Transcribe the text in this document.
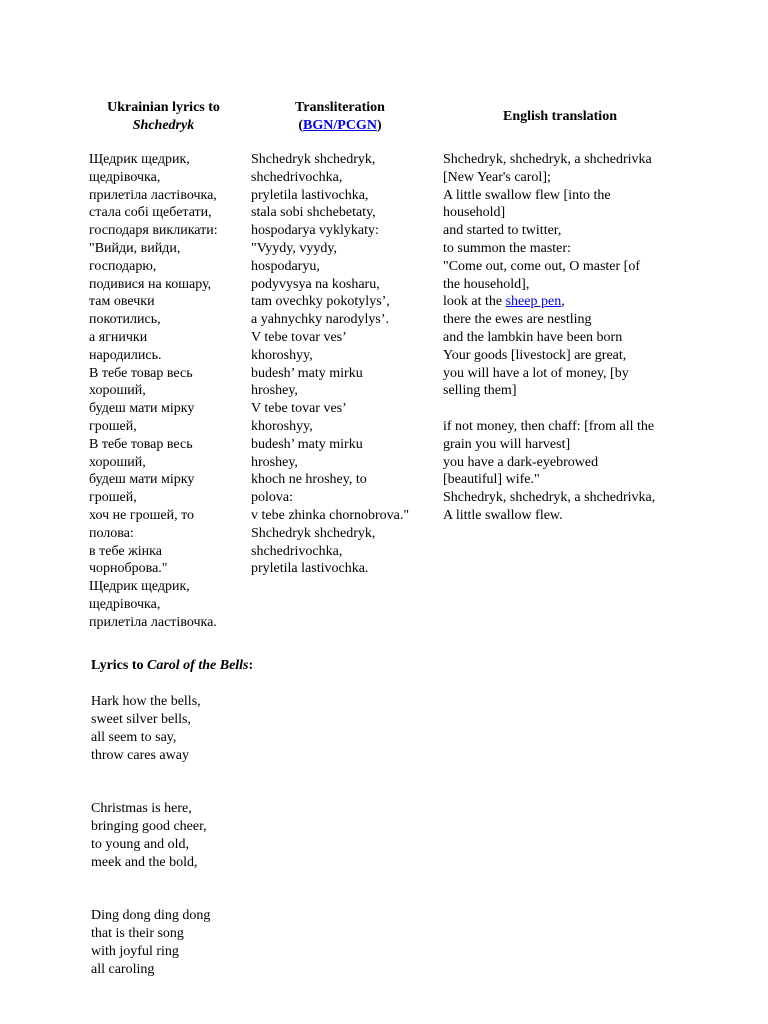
Ukrainian lyrics to
Shchedryk
Transliteration
(BGN/PCGN)
English translation
Щедрик щедрик,
щедрівочка,
прилетіла ластівочка,
стала собі щебетати,
господаря викликати:
"Вийди, вийди,
господарю,
подивися на кошару,
там овечки
покотились,
а ягнички
народились.
В тебе товар весь
хороший,
будеш мати мірку
грошей,
В тебе товар весь
хороший,
будеш мати мірку
грошей,
хоч не грошей, то
полова:
в тебе жінка
чорноброва."
Щедрик щедрик,
щедрівочка,
прилетіла ластівочка.
Shchedryk shchedryk,
shchedrivochka,
pryletila lastivochka,
stala sobi shchebetaty,
hospodarya vyklykaty:
"Vyydy, vyydy,
hospodaryu,
podyvysya na kosharu,
tam ovechky pokotylys’,
a yahnychky narodylys’.
V tebe tovar ves’
khoroshyy,
budesh’ maty mirku
hroshey,
V tebe tovar ves’
khoroshyy,
budesh’ maty mirku
hroshey,
khoch ne hroshey, to
polova:
v tebe zhinka chornobrova."
Shchedryk shchedryk,
shchedrivochka,
pryletila lastivochka.
Shchedryk, shchedryk, a shchedrivka
[New Year's carol];
A little swallow flew [into the
household]
and started to twitter,
to summon the master:
"Come out, come out, O master [of
the household],
look at the sheep pen,
there the ewes are nestling
and the lambkin have been born
Your goods [livestock] are great,
you will have a lot of money, [by
selling them]
if not money, then chaff: [from all the
grain you will harvest]
you have a dark-eyebrowed
[beautiful] wife."
Shchedryk, shchedryk, a shchedrivka,
A little swallow flew.
Lyrics to Carol of the Bells:
Hark how the bells,
sweet silver bells,
all seem to say,
throw cares away
Christmas is here,
bringing good cheer,
to young and old,
meek and the bold,
Ding dong ding dong
that is their song
with joyful ring
all caroling
